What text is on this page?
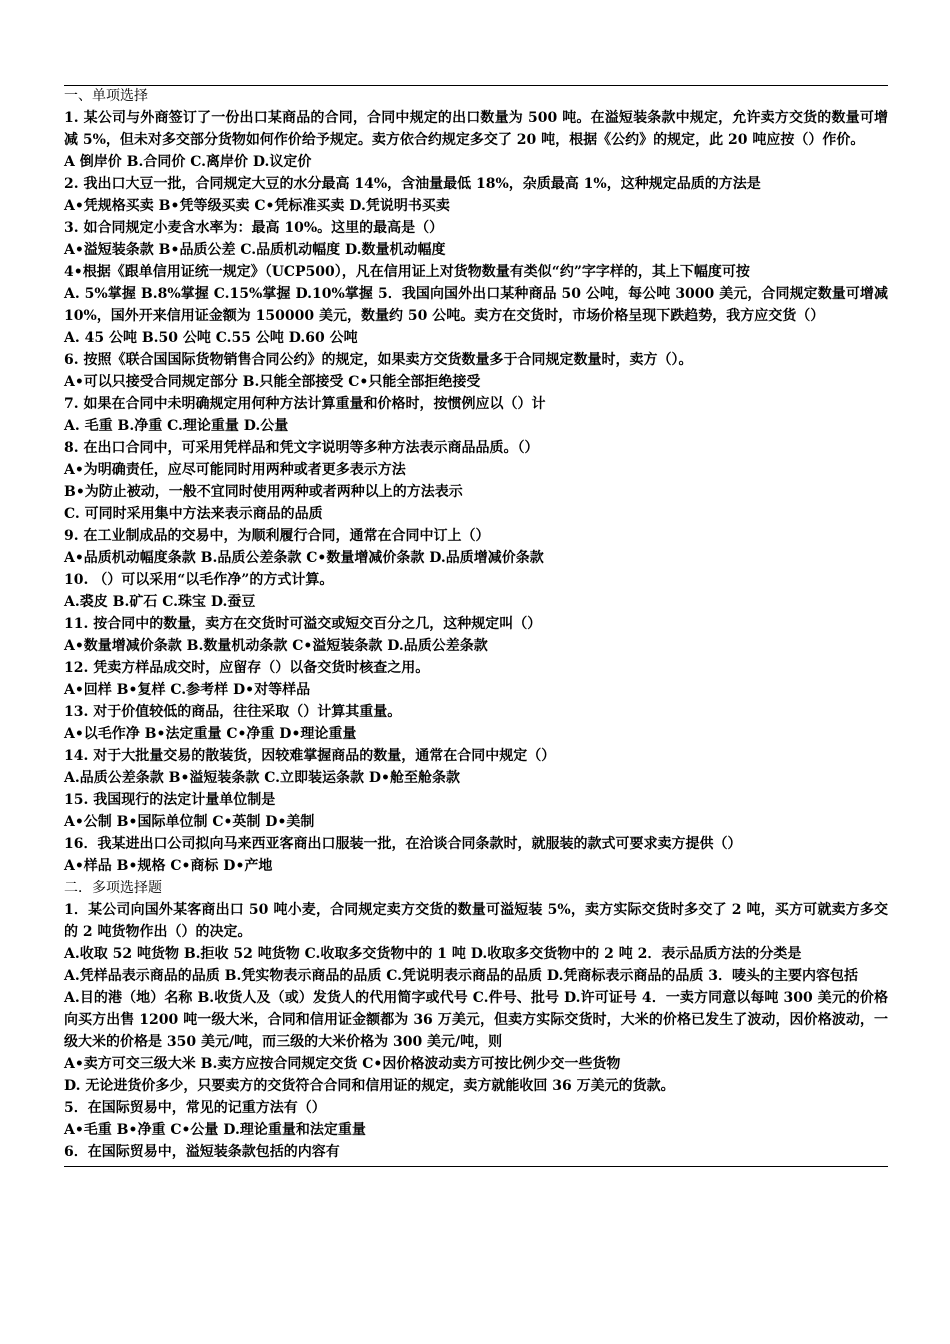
一、单项选择
1. 某公司与外商签订了一份出口某商品的合同，合同中规定的出口数量为 500 吨。在溢短装条款中规定，允许卖方交货的数量可增减 5%，但未对多交部分货物如何作价给予规定。卖方依合约规定多交了 20 吨，根据《公约》的规定，此 20 吨应按（）作价。
A 倒岸价 B.合同价 C.离岸价 D.议定价
2. 我出口大豆一批，合同规定大豆的水分最高 14%，含油量最低 18%，杂质最高 1%，这种规定品质的方法是
A•凭规格买卖 B•凭等级买卖 C•凭标准买卖 D.凭说明书买卖
3. 如合同规定小麦含水率为：最高 10%。这里的最高是（）
A•溢短装条款 B•品质公差 C.品质机动幅度 D.数量机动幅度
4•根据《跟单信用证统一规定》（UCP500），凡在信用证上对货物数量有类似“约”字字样的，其上下幅度可按
A. 5%掌握 B.8%掌握 C.15%掌握 D.10%掌握 5．我国向国外出口某种商品 50 公吨，每公吨 3000 美元，合同规定数量可增减 10%，国外开来信用证金额为 150000 美元，数量约 50 公吨。卖方在交货时，市场价格呈现下跌趋势，我方应交货（）
A. 45 公吨 B.50 公吨 C.55 公吨 D.60 公吨
6. 按照《联合国国际货物销售合同公约》的规定，如果卖方交货数量多于合同规定数量时，卖方（）。
A•可以只接受合同规定部分 B.只能全部接受 C•只能全部拒绝接受
7. 如果在合同中未明确规定用何种方法计算重量和价格时，按惯例应以（）计
A. 毛重 B.净重 C.理论重量 D.公量
8. 在出口合同中，可采用凭样品和凭文字说明等多种方法表示商品品质。（）
A•为明确责任，应尽可能同时用两种或者更多表示方法
B•为防止被动，一般不宜同时使用两种或者两种以上的方法表示
C. 可同时采用集中方法来表示商品的品质
9. 在工业制成品的交易中，为顺利履行合同，通常在合同中订上（）
A•品质机动幅度条款 B.品质公差条款 C•数量增减价条款 D.品质增减价条款
10. （）可以采用“以毛作净”的方式计算。
A.裘皮 B.矿石 C.珠宝 D.蚕豆
11. 按合同中的数量，卖方在交货时可溢交或短交百分之几，这种规定叫（）
A•数量增减价条款 B.数量机动条款 C•溢短装条款 D.品质公差条款
12. 凭卖方样品成交时，应留存（）以备交货时核查之用。
A•回样 B•复样 C.参考样 D•对等样品
13. 对于价值较低的商品，往往采取（）计算其重量。
A•以毛作净 B•法定重量 C•净重 D•理论重量
14. 对于大批量交易的散装货，因较难掌握商品的数量，通常在合同中规定（）
A.品质公差条款 B•溢短装条款 C.立即装运条款 D•舱至舱条款
15. 我国现行的法定计量单位制是
A•公制 B•国际单位制 C•英制 D•美制
16．我某进出口公司拟向马来西亚客商出口服装一批，在洽谈合同条款时，就服装的款式可要求卖方提供（）
A•样品 B•规格 C•商标 D•产地
二．多项选择题
1．某公司向国外某客商出口 50 吨小麦，合同规定卖方交货的数量可溢短装 5%，卖方实际交货时多交了 2 吨，买方可就卖方多交的 2 吨货物作出（）的决定。
A.收取 52 吨货物 B.拒收 52 吨货物 C.收取多交货物中的 1 吨 D.收取多交货物中的 2 吨 2．表示品质方法的分类是
A.凭样品表示商品的品质 B.凭实物表示商品的品质 C.凭说明表示商品的品质 D.凭商标表示商品的品质 3．唛头的主要内容包括
A.目的港（地）名称 B.收货人及（或）发货人的代用简字或代号 C.件号、批号 D.许可证号 4．一卖方同意以每吨 300 美元的价格向买方出售 1200 吨一级大米，合同和信用证金额都为 36 万美元，但卖方实际交货时，大米的价格已发生了波动，因价格波动，一级大米的价格是 350 美元/吨，而三级的大米价格为 300 美元/吨，则
A•卖方可交三级大米 B.卖方应按合同规定交货 C•因价格波动卖方可按比例少交一些货物
D. 无论进货价多少，只要卖方的交货符合合同和信用证的规定，卖方就能收回 36 万美元的货款。
5．在国际贸易中，常见的记重方法有（）
A•毛重 B•净重 C•公量 D.理论重量和法定重量
6．在国际贸易中，溢短装条款包括的内容有
